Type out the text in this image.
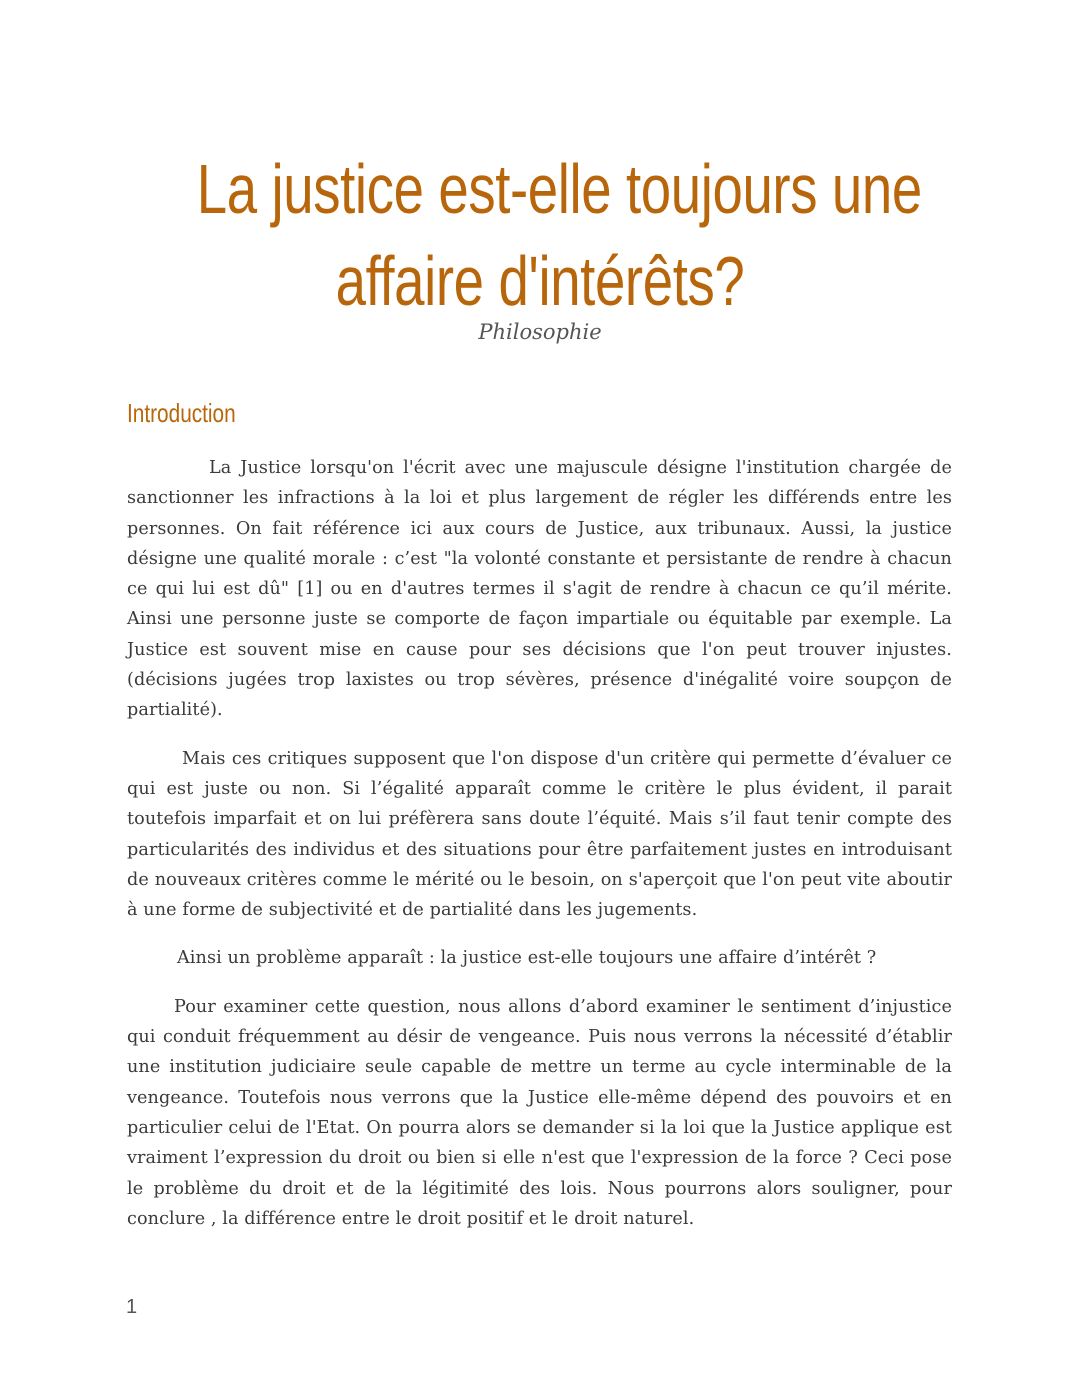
La justice est-elle toujours une
affaire d'intérêts?

Philosophie

Introduction

La Justice lorsqu'on l'écrit avec une majuscule désigne l'institution chargée de sanctionner les infractions à la loi et plus largement de régler les différends entre les personnes. On fait référence ici aux cours de Justice, aux tribunaux. Aussi, la justice désigne une qualité morale : c’est "la volonté constante et persistante de rendre à chacun ce qui lui est dû" [1] ou en d'autres termes il s'agit de rendre à chacun ce qu’il mérite. Ainsi une personne juste se comporte de façon impartiale ou équitable par exemple. La Justice est souvent mise en cause pour ses décisions que l'on peut trouver injustes. (décisions jugées trop laxistes ou trop sévères, présence d'inégalité voire soupçon de partialité).

Mais ces critiques supposent que l'on dispose d'un critère qui permette d’évaluer ce qui est juste ou non. Si l’égalité apparaît comme le critère le plus évident, il parait toutefois imparfait et on lui préfèrera sans doute l’équité. Mais s’il faut tenir compte des particularités des individus et des situations pour être parfaitement justes en introduisant de nouveaux critères comme le mérité ou le besoin, on s'aperçoit que l'on peut vite aboutir à une forme de subjectivité et de partialité dans les jugements.

Ainsi un problème apparaît : la justice est-elle toujours une affaire d’intérêt ?

Pour examiner cette question, nous allons d’abord examiner le sentiment d’injustice qui conduit fréquemment au désir de vengeance. Puis nous verrons la nécessité d’établir une institution judiciaire seule capable de mettre un terme au cycle interminable de la vengeance. Toutefois nous verrons que la Justice elle-même dépend des pouvoirs et en particulier celui de l'Etat. On pourra alors se demander si la loi que la Justice applique est vraiment l’expression du droit ou bien si elle n'est que l'expression de la force ? Ceci pose le problème du droit et de la légitimité des lois. Nous pourrons alors souligner, pour conclure , la différence entre le droit positif et le droit naturel.

1
